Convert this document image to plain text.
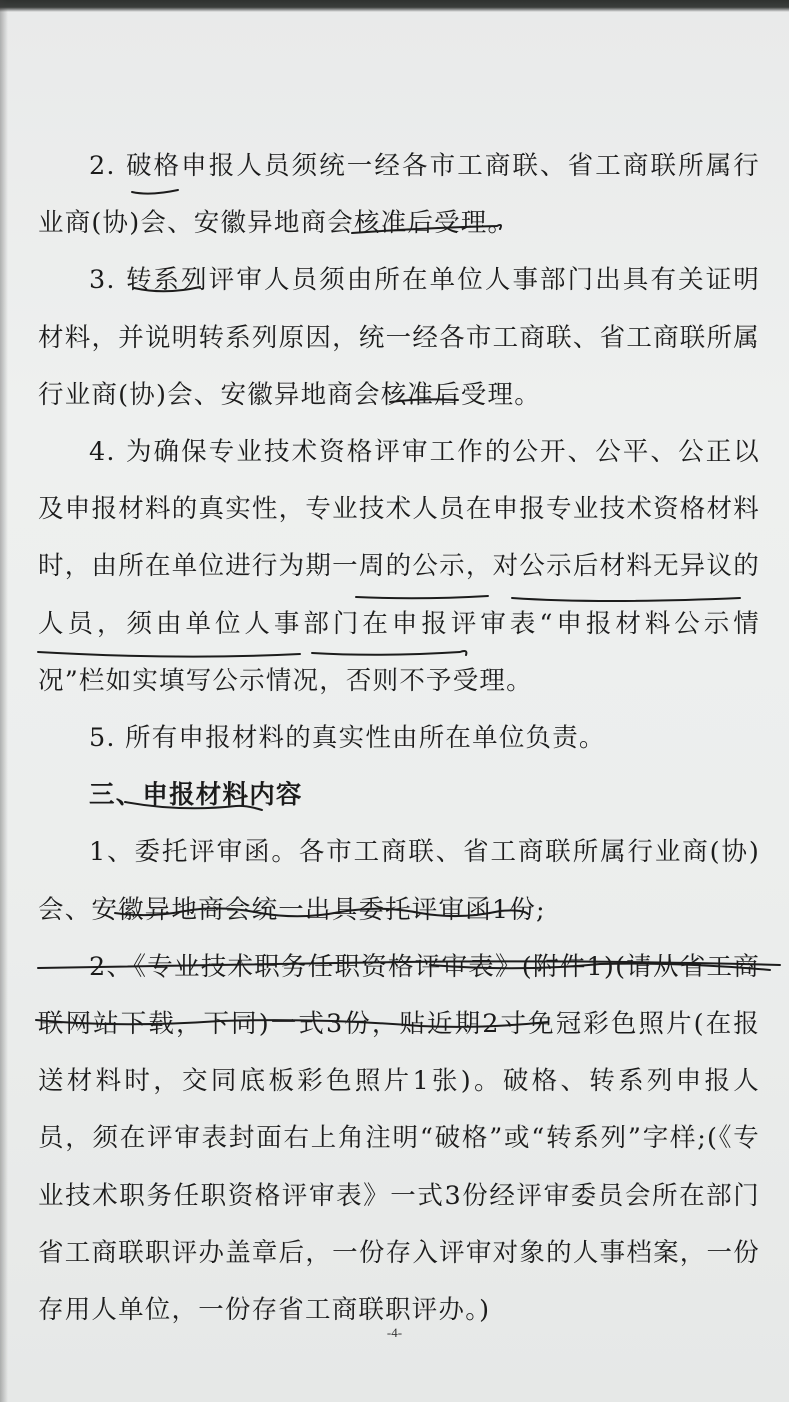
2. 破格申报人员须统一经各市工商联、省工商联所属行业商(协)会、安徽异地商会核准后受理。

3. 转系列评审人员须由所在单位人事部门出具有关证明材料，并说明转系列原因，统一经各市工商联、省工商联所属行业商(协)会、安徽异地商会核准后受理。

4. 为确保专业技术资格评审工作的公开、公平、公正以及申报材料的真实性，专业技术人员在申报专业技术资格材料时，由所在单位进行为期一周的公示，对公示后材料无异议的人员，须由单位人事部门在申报评审表“申报材料公示情况”栏如实填写公示情况，否则不予受理。

5. 所有申报材料的真实性由所在单位负责。

三、申报材料内容

1、委托评审函。各市工商联、省工商联所属行业商(协)会、安徽异地商会统一出具委托评审函1份;

2、《专业技术职务任职资格评审表》(附件1)(请从省工商联网站下载，下同)一式3份，贴近期2寸免冠彩色照片(在报送材料时，交同底板彩色照片1张)。破格、转系列申报人员，须在评审表封面右上角注明“破格”或“转系列”字样;(《专业技术职务任职资格评审表》一式3份经评审委员会所在部门省工商联职评办盖章后，一份存入评审对象的人事档案，一份存用人单位，一份存省工商联职评办。)

-4-
